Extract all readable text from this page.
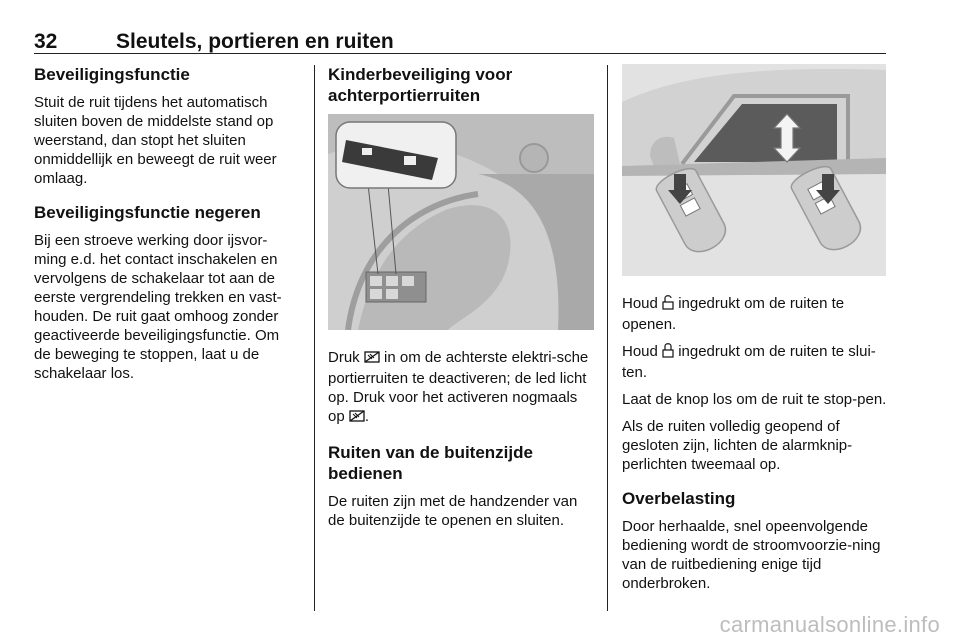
32	Sleutels, portieren en ruiten
Beveiligingsfunctie

Stuit de ruit tijdens het automatisch sluiten boven de middelste stand op weerstand, dan stopt het sluiten onmiddellijk en beweegt de ruit weer omlaag.

Beveiligingsfunctie negeren

Bij een stroeve werking door ijsvor-ming e.d. het contact inschakelen en vervolgens de schakelaar tot aan de eerste vergrendeling trekken en vast-houden. De ruit gaat omhoog zonder geactiveerde beveiligingsfunctie. Om de beweging te stoppen, laat u de schakelaar los.

Kinderbeveiliging voor achterportierruiten

Druk  in om de achterste elektri-sche portierruiten te deactiveren; de led licht op. Druk voor het activeren nogmaals op .

Ruiten van de buitenzijde bedienen

De ruiten zijn met de handzender van de buitenzijde te openen en sluiten.

Houd  ingedrukt om de ruiten te openen.

Houd  ingedrukt om de ruiten te slui-ten.

Laat de knop los om de ruit te stop-pen.

Als de ruiten volledig geopend of gesloten zijn, lichten de alarmknip-perlichten tweemaal op.

Overbelasting

Door herhaalde, snel opeenvolgende bediening wordt de stroomvoorzie-ning van de ruitbediening enige tijd onderbroken.

carmanualsonline.info
